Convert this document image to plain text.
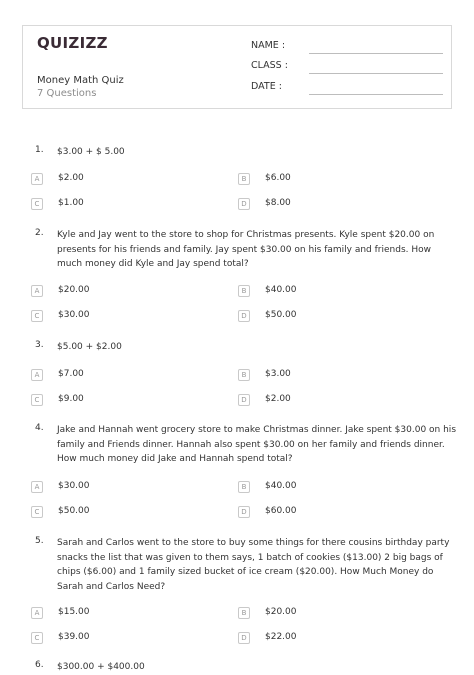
QUIZIZZ
Money Math Quiz
7 Questions
NAME :
CLASS :
DATE :
1. $3.00 + $ 5.00
A	$2.00	B	$6.00
C	$1.00	D	$8.00
2. Kyle and Jay went to the store to shop for Christmas presents. Kyle spent $20.00 on presents for his friends and family. Jay spent $30.00 on his family and friends. How much money did Kyle and Jay spend total?
A	$20.00	B	$40.00
C	$30.00	D	$50.00
3. $5.00 + $2.00
A	$7.00	B	$3.00
C	$9.00	D	$2.00
4. Jake and Hannah went grocery store to make Christmas dinner. Jake spent $30.00 on his family and Friends dinner. Hannah also spent $30.00 on her family and friends dinner. How much money did Jake and Hannah spend total?
A	$30.00	B	$40.00
C	$50.00	D	$60.00
5. Sarah and Carlos went to the store to buy some things for there cousins birthday party snacks the list that was given to them says, 1 batch of cookies ($13.00) 2 big bags of chips ($6.00) and 1 family sized bucket of ice cream ($20.00). How Much Money do Sarah and Carlos Need?
A	$15.00	B	$20.00
C	$39.00	D	$22.00
6. $300.00 + $400.00
